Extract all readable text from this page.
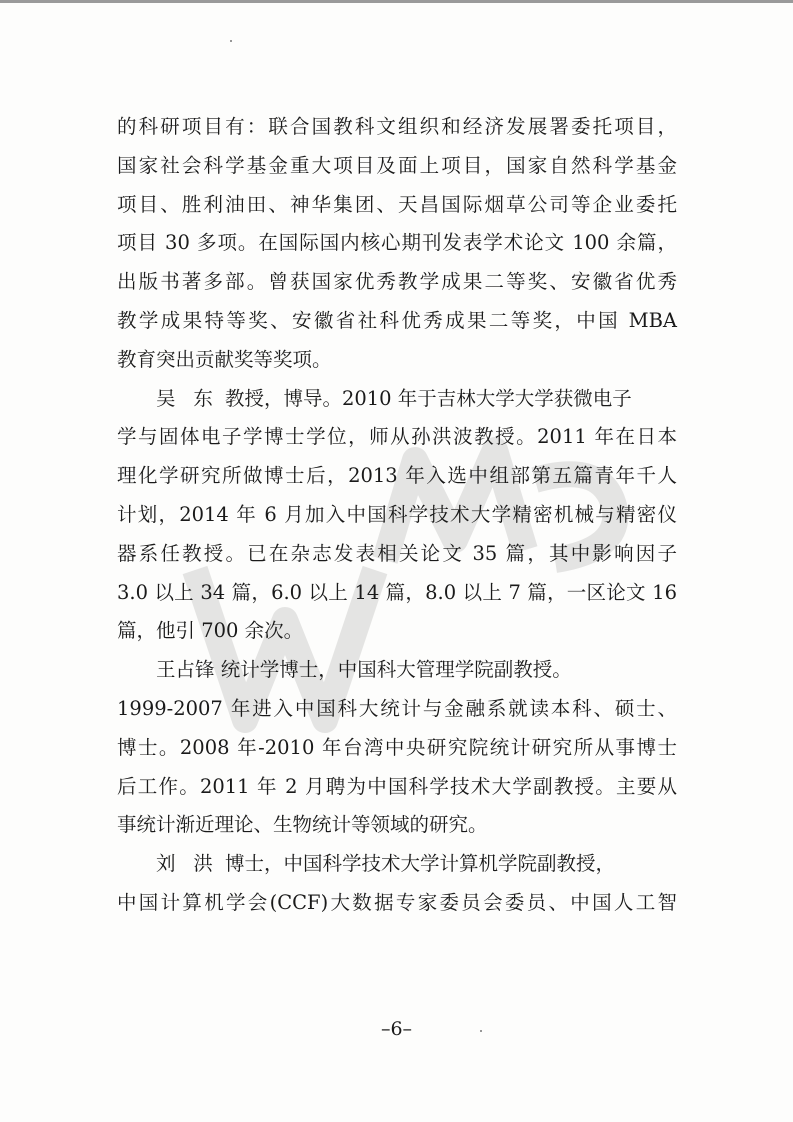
的科研项目有：联合国教科文组织和经济发展署委托项目，
国家社会科学基金重大项目及面上项目，国家自然科学基金
项目、胜利油田、神华集团、天昌国际烟草公司等企业委托
项目 30 多项。在国际国内核心期刊发表学术论文 100 余篇，
出版书著多部。曾获国家优秀教学成果二等奖、安徽省优秀
教学成果特等奖、安徽省社科优秀成果二等奖，中国 MBA
教育突出贡献奖等奖项。
吴 东 教授，博导。2010 年于吉林大学大学获微电子
学与固体电子学博士学位，师从孙洪波教授。2011 年在日本
理化学研究所做博士后，2013 年入选中组部第五篇青年千人
计划，2014 年 6 月加入中国科学技术大学精密机械与精密仪
器系任教授。已在杂志发表相关论文 35 篇，其中影响因子
3.0 以上 34 篇，6.0 以上 14 篇，8.0 以上 7 篇，一区论文 16
篇，他引 700 余次。
王占锋 统计学博士，中国科大管理学院副教授。
1999-2007 年进入中国科大统计与金融系就读本科、硕士、
博士。2008 年-2010 年台湾中央研究院统计研究所从事博士
后工作。2011 年 2 月聘为中国科学技术大学副教授。主要从
事统计渐近理论、生物统计等领域的研究。
刘 洪 博士，中国科学技术大学计算机学院副教授，
中国计算机学会(CCF)大数据专家委员会委员、中国人工智
–6–
